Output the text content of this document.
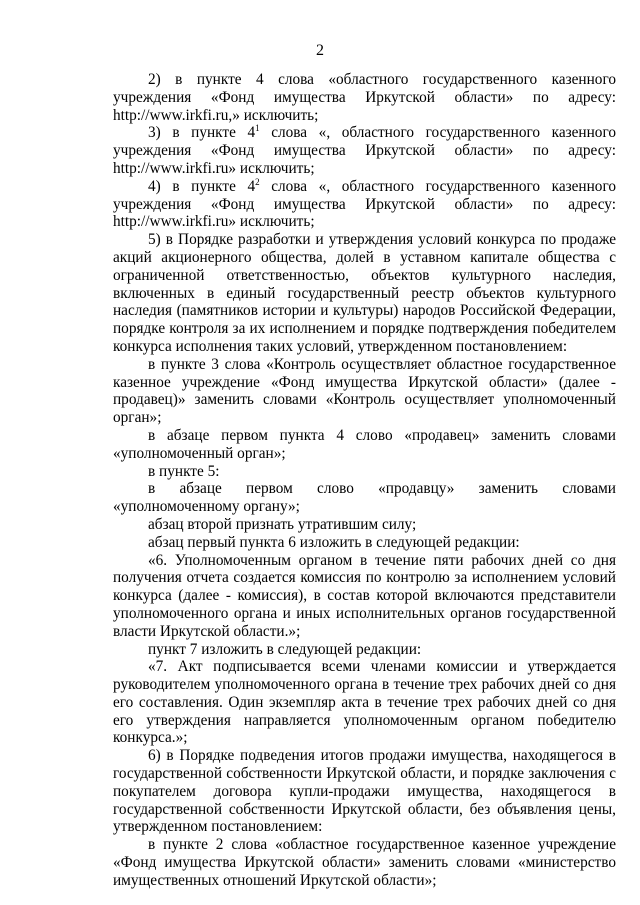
2

2) в пункте 4 слова «областного государственного казенного учреждения «Фонд имущества Иркутской области» по адресу: http://www.irkfi.ru,» исключить;

3) в пункте $4^1$ слова «, областного государственного казенного учреждения «Фонд имущества Иркутской области» по адресу: http://www.irkfi.ru» исключить;

4) в пункте $4^2$ слова «, областного государственного казенного учреждения «Фонд имущества Иркутской области» по адресу: http://www.irkfi.ru» исключить;

5) в Порядке разработки и утверждения условий конкурса по продаже акций акционерного общества, долей в уставном капитале общества с ограниченной ответственностью, объектов культурного наследия, включенных в единый государственный реестр объектов культурного наследия (памятников истории и культуры) народов Российской Федерации, порядке контроля за их исполнением и порядке подтверждения победителем конкурса исполнения таких условий, утвержденном постановлением:

в пункте 3 слова «Контроль осуществляет областное государственное казенное учреждение «Фонд имущества Иркутской области» (далее - продавец)» заменить словами «Контроль осуществляет уполномоченный орган»;

в абзаце первом пункта 4 слово «продавец» заменить словами «уполномоченный орган»;

в пункте 5:

в абзаце первом слово «продавцу» заменить словами «уполномоченному органу»;

абзац второй признать утратившим силу;

абзац первый пункта 6 изложить в следующей редакции:

«6. Уполномоченным органом в течение пяти рабочих дней со дня получения отчета создается комиссия по контролю за исполнением условий конкурса (далее - комиссия), в состав которой включаются представители уполномоченного органа и иных исполнительных органов государственной власти Иркутской области.»;

пункт 7 изложить в следующей редакции:

«7. Акт подписывается всеми членами комиссии и утверждается руководителем уполномоченного органа в течение трех рабочих дней со дня его составления. Один экземпляр акта в течение трех рабочих дней со дня его утверждения направляется уполномоченным органом победителю конкурса.»;

6) в Порядке подведения итогов продажи имущества, находящегося в государственной собственности Иркутской области, и порядке заключения с покупателем договора купли-продажи имущества, находящегося в государственной собственности Иркутской области, без объявления цены, утвержденном постановлением:

в пункте 2 слова «областное государственное казенное учреждение «Фонд имущества Иркутской области» заменить словами «министерство имущественных отношений Иркутской области»;
